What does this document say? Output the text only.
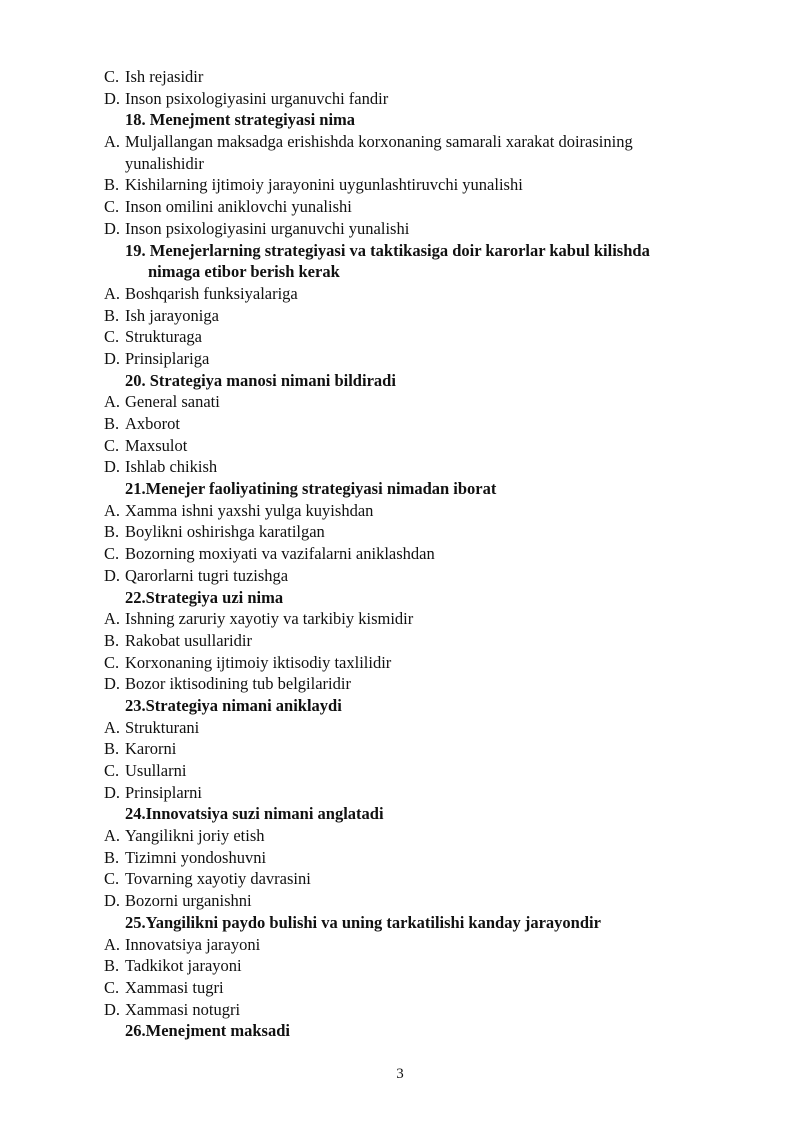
C. Ish rejasidir
D. Inson psixologiyasini urganuvchi fandir
18. Menejment strategiyasi nima
A. Muljallangan maksadga erishishda korxonaning samarali xarakat doirasining
yunalishidir
B. Kishilarning ijtimoiy jarayonini uygunlashtiruvchi yunalishi
C. Inson omilini aniklovchi yunalishi
D. Inson psixologiyasini urganuvchi yunalishi
19. Menejerlarning strategiyasi va taktikasiga doir karorlar kabul kilishda
nimaga etibor berish kerak
A. Boshqarish funksiyalariga
B. Ish jarayoniga
C. Strukturaga
D. Prinsiplariga
20. Strategiya manosi nimani bildiradi
A. General sanati
B. Axborot
C. Maxsulot
D. Ishlab chikish
21.Menejer faoliyatining strategiyasi nimadan iborat
A. Xamma ishni yaxshi yulga kuyishdan
B. Boylikni oshirishga karatilgan
C. Bozorning moxiyati va vazifalarni aniklashdan
D. Qarorlarni tugri tuzishga
22.Strategiya uzi nima
A. Ishning zaruriy xayotiy va tarkibiy kismidir
B. Rakobat usullaridir
C. Korxonaning ijtimoiy iktisodiy taxlilidir
D. Bozor iktisodining tub belgilaridir
23.Strategiya nimani aniklaydi
A. Strukturani
B. Karorni
C. Usullarni
D. Prinsiplarni
24.Innovatsiya suzi nimani anglatadi
A. Yangilikni joriy etish
B. Tizimni yondoshuvni
C. Tovarning xayotiy davrasini
D. Bozorni urganishni
25.Yangilikni paydo bulishi va uning tarkatilishi kanday jarayondir
A. Innovatsiya jarayoni
B. Tadkikot jarayoni
C. Xammasi tugri
D. Xammasi notugri
26.Menejment maksadi
3
